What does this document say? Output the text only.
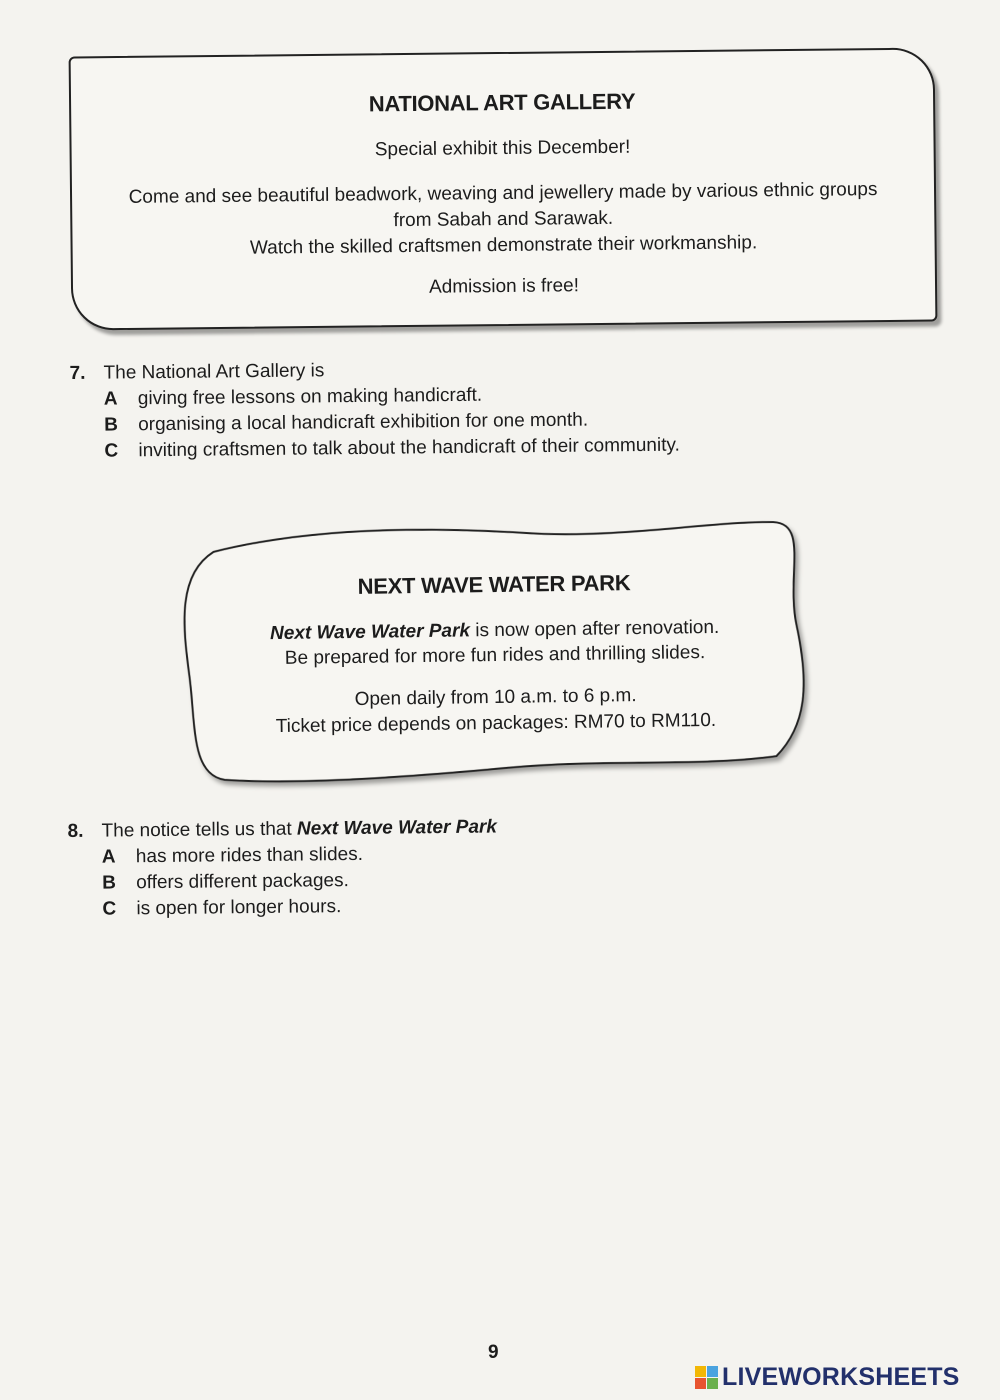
NATIONAL ART GALLERY

Special exhibit this December!

Come and see beautiful beadwork, weaving and jewellery made by various ethnic groups from Sabah and Sarawak.

Watch the skilled craftsmen demonstrate their workmanship.

Admission is free!

7. The National Art Gallery is
A	giving free lessons on making handicraft.
B	organising a local handicraft exhibition for one month.
C	inviting craftsmen to talk about the handicraft of their community.

NEXT WAVE WATER PARK

Next Wave Water Park is now open after renovation.

Be prepared for more fun rides and thrilling slides.

Open daily from 10 a.m. to 6 p.m.

Ticket price depends on packages: RM70 to RM110.

8. The notice tells us that Next Wave Water Park
A	has more rides than slides.
B	offers different packages.
C	is open for longer hours.
9
LIVEWORKSHEETS
